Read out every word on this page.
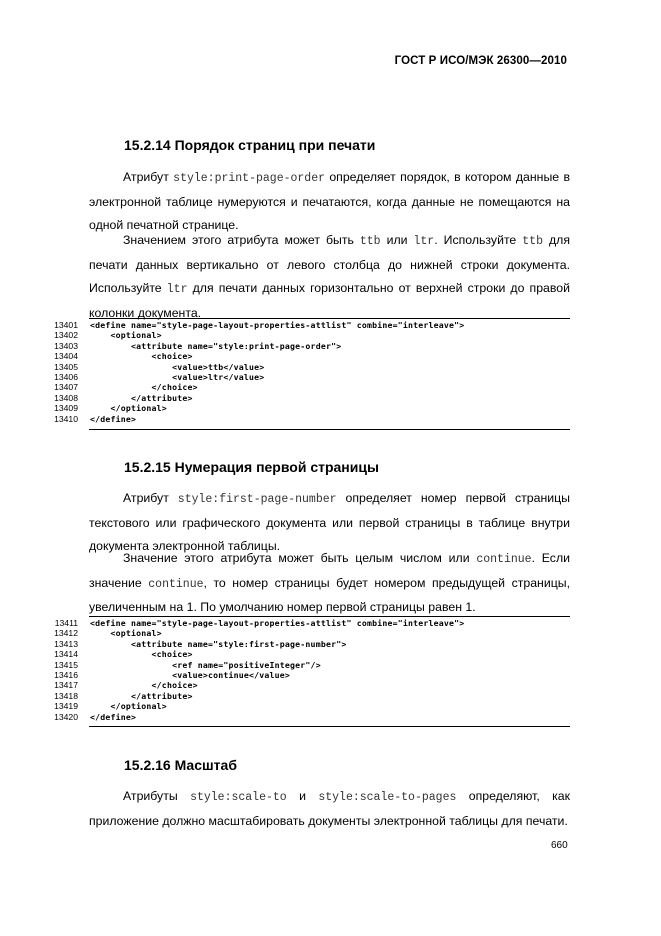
ГОСТ Р ИСО/МЭК 26300—2010
15.2.14 Порядок страниц при печати

Атрибут style:print-page-order определяет порядок, в котором данные в электронной таблице нумеруются и печатаются, когда данные не помещаются на одной печатной странице.

Значением этого атрибута может быть ttb или ltr. Используйте ttb для печати данных вертикально от левого столбца до нижней строки документа. Используйте ltr для печати данных горизонтально от верхней строки до правой колонки документа.

13401 <define name="style-page-layout-properties-attlist" combine="interleave">
13402 <optional>
13403 <attribute name="style:print-page-order">
13404 <choice>
13405 <value>ttb</value>
13406 <value>ltr</value>
13407 </choice>
13408 </attribute>
13409 </optional>
13410 </define>
15.2.15 Нумерация первой страницы

Атрибут style:first-page-number определяет номер первой страницы текстового или графического документа или первой страницы в таблице внутри документа электронной таблицы.

Значение этого атрибута может быть целым числом или continue. Если значение continue, то номер страницы будет номером предыдущей страницы, увеличенным на 1. По умолчанию номер первой страницы равен 1.

13411 <define name="style-page-layout-properties-attlist" combine="interleave">
13412 <optional>
13413 <attribute name="style:first-page-number">
13414 <choice>
13415 <ref name="positiveInteger"/>
13416 <value>continue</value>
13417 </choice>
13418 </attribute>
13419 </optional>
13420 </define>
15.2.16 Масштаб

Атрибуты style:scale-to и style:scale-to-pages определяют, как приложение должно масштабировать документы электронной таблицы для печати.

660
